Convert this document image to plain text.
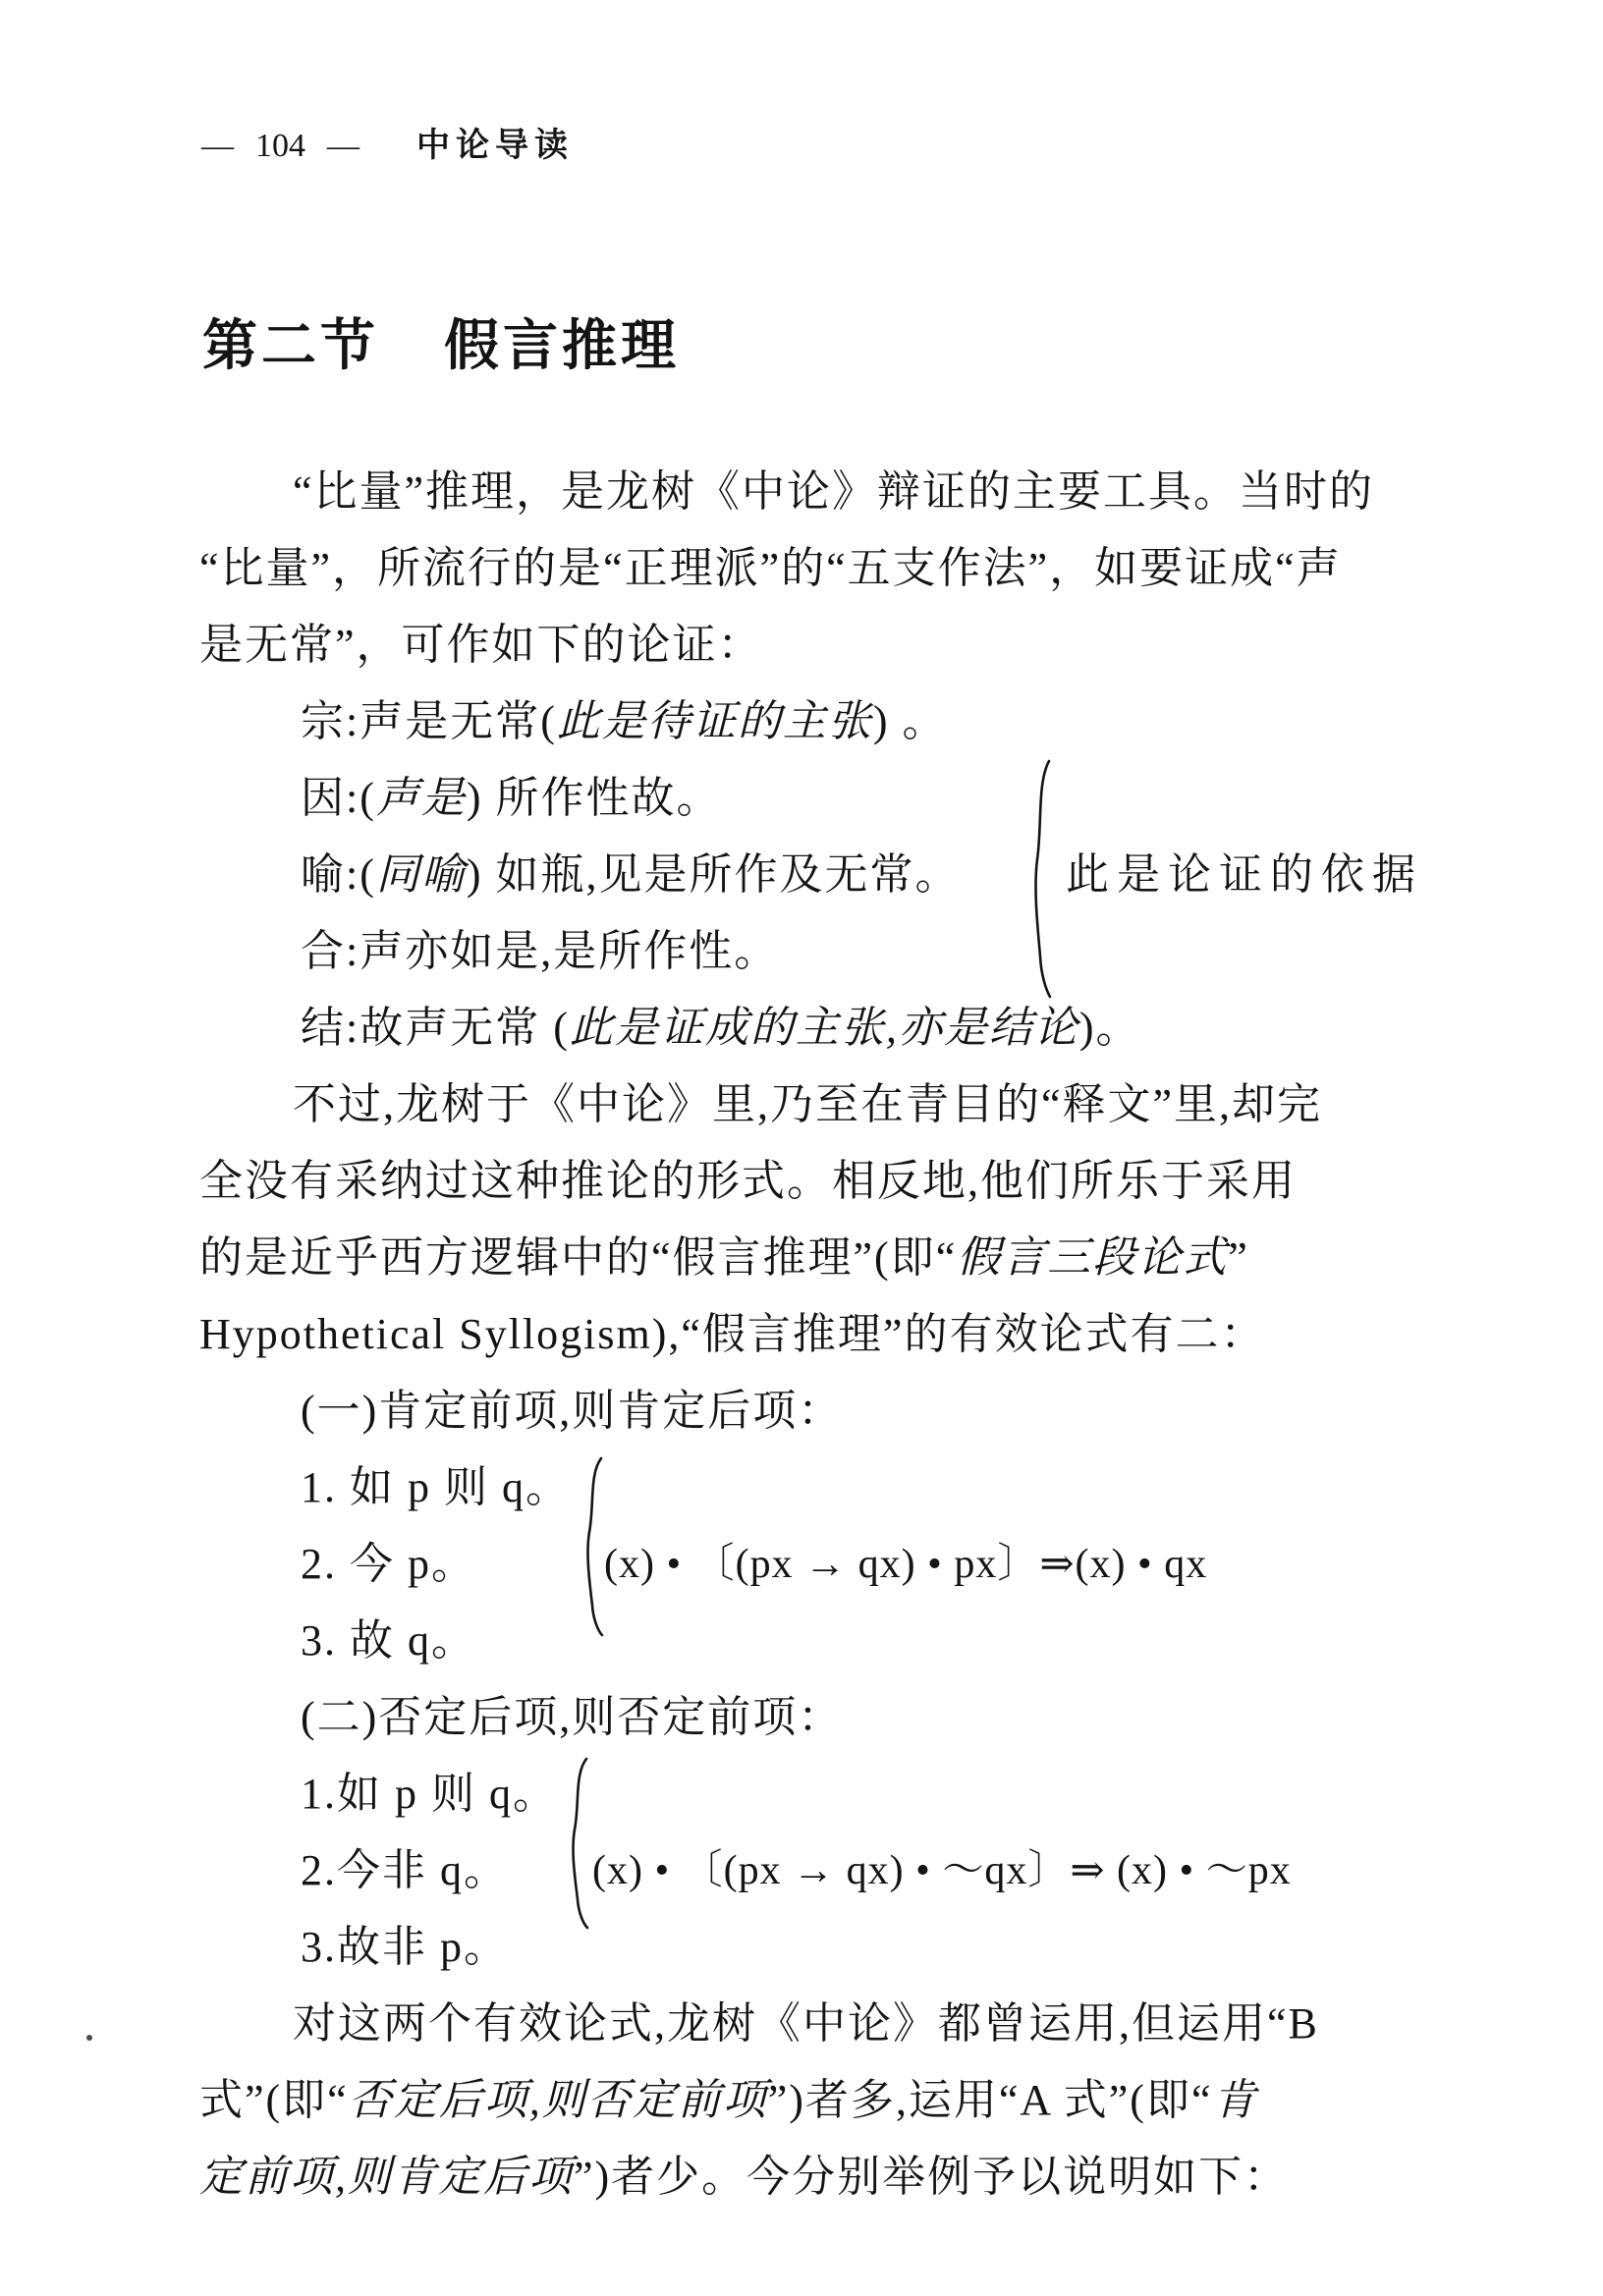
— 104 — 中论导读
第二节 假言推理
“比量”推理，是龙树《中论》辩证的主要工具。当时的
“比量”，所流行的是“正理派”的“五支作法”，如要证成“声
是无常”，可作如下的论证：
宗:声是无常(此是待证的主张) 。
因:(声是) 所作性故。
喻:(同喻) 如瓶,见是所作及无常。 此是论证的依据
合:声亦如是,是所作性。
结:故声无常 (此是证成的主张,亦是结论)。
不过,龙树于《中论》里,乃至在青目的“释文”里,却完
全没有采纳过这种推论的形式。相反地,他们所乐于采用
的是近乎西方逻辑中的“假言推理”(即“假言三段论式”
Hypothetical Syllogism),“假言推理”的有效论式有二：
(一)肯定前项,则肯定后项：
1. 如 p 则 q。
2. 今 p。	(x) • 〔(px → qx) • px〕⇒(x) • qx
3. 故 q。
(二)否定后项,则否定前项：
1.如 p 则 q。
2.今非 q。 (x) • 〔(px → qx) • ～qx〕⇒ (x) • ～px
3.故非 p。
对这两个有效论式,龙树《中论》都曾运用,但运用“B
式”(即“否定后项,则否定前项”)者多,运用“A 式”(即“肯
定前项,则肯定后项”)者少。今分别举例予以说明如下：
